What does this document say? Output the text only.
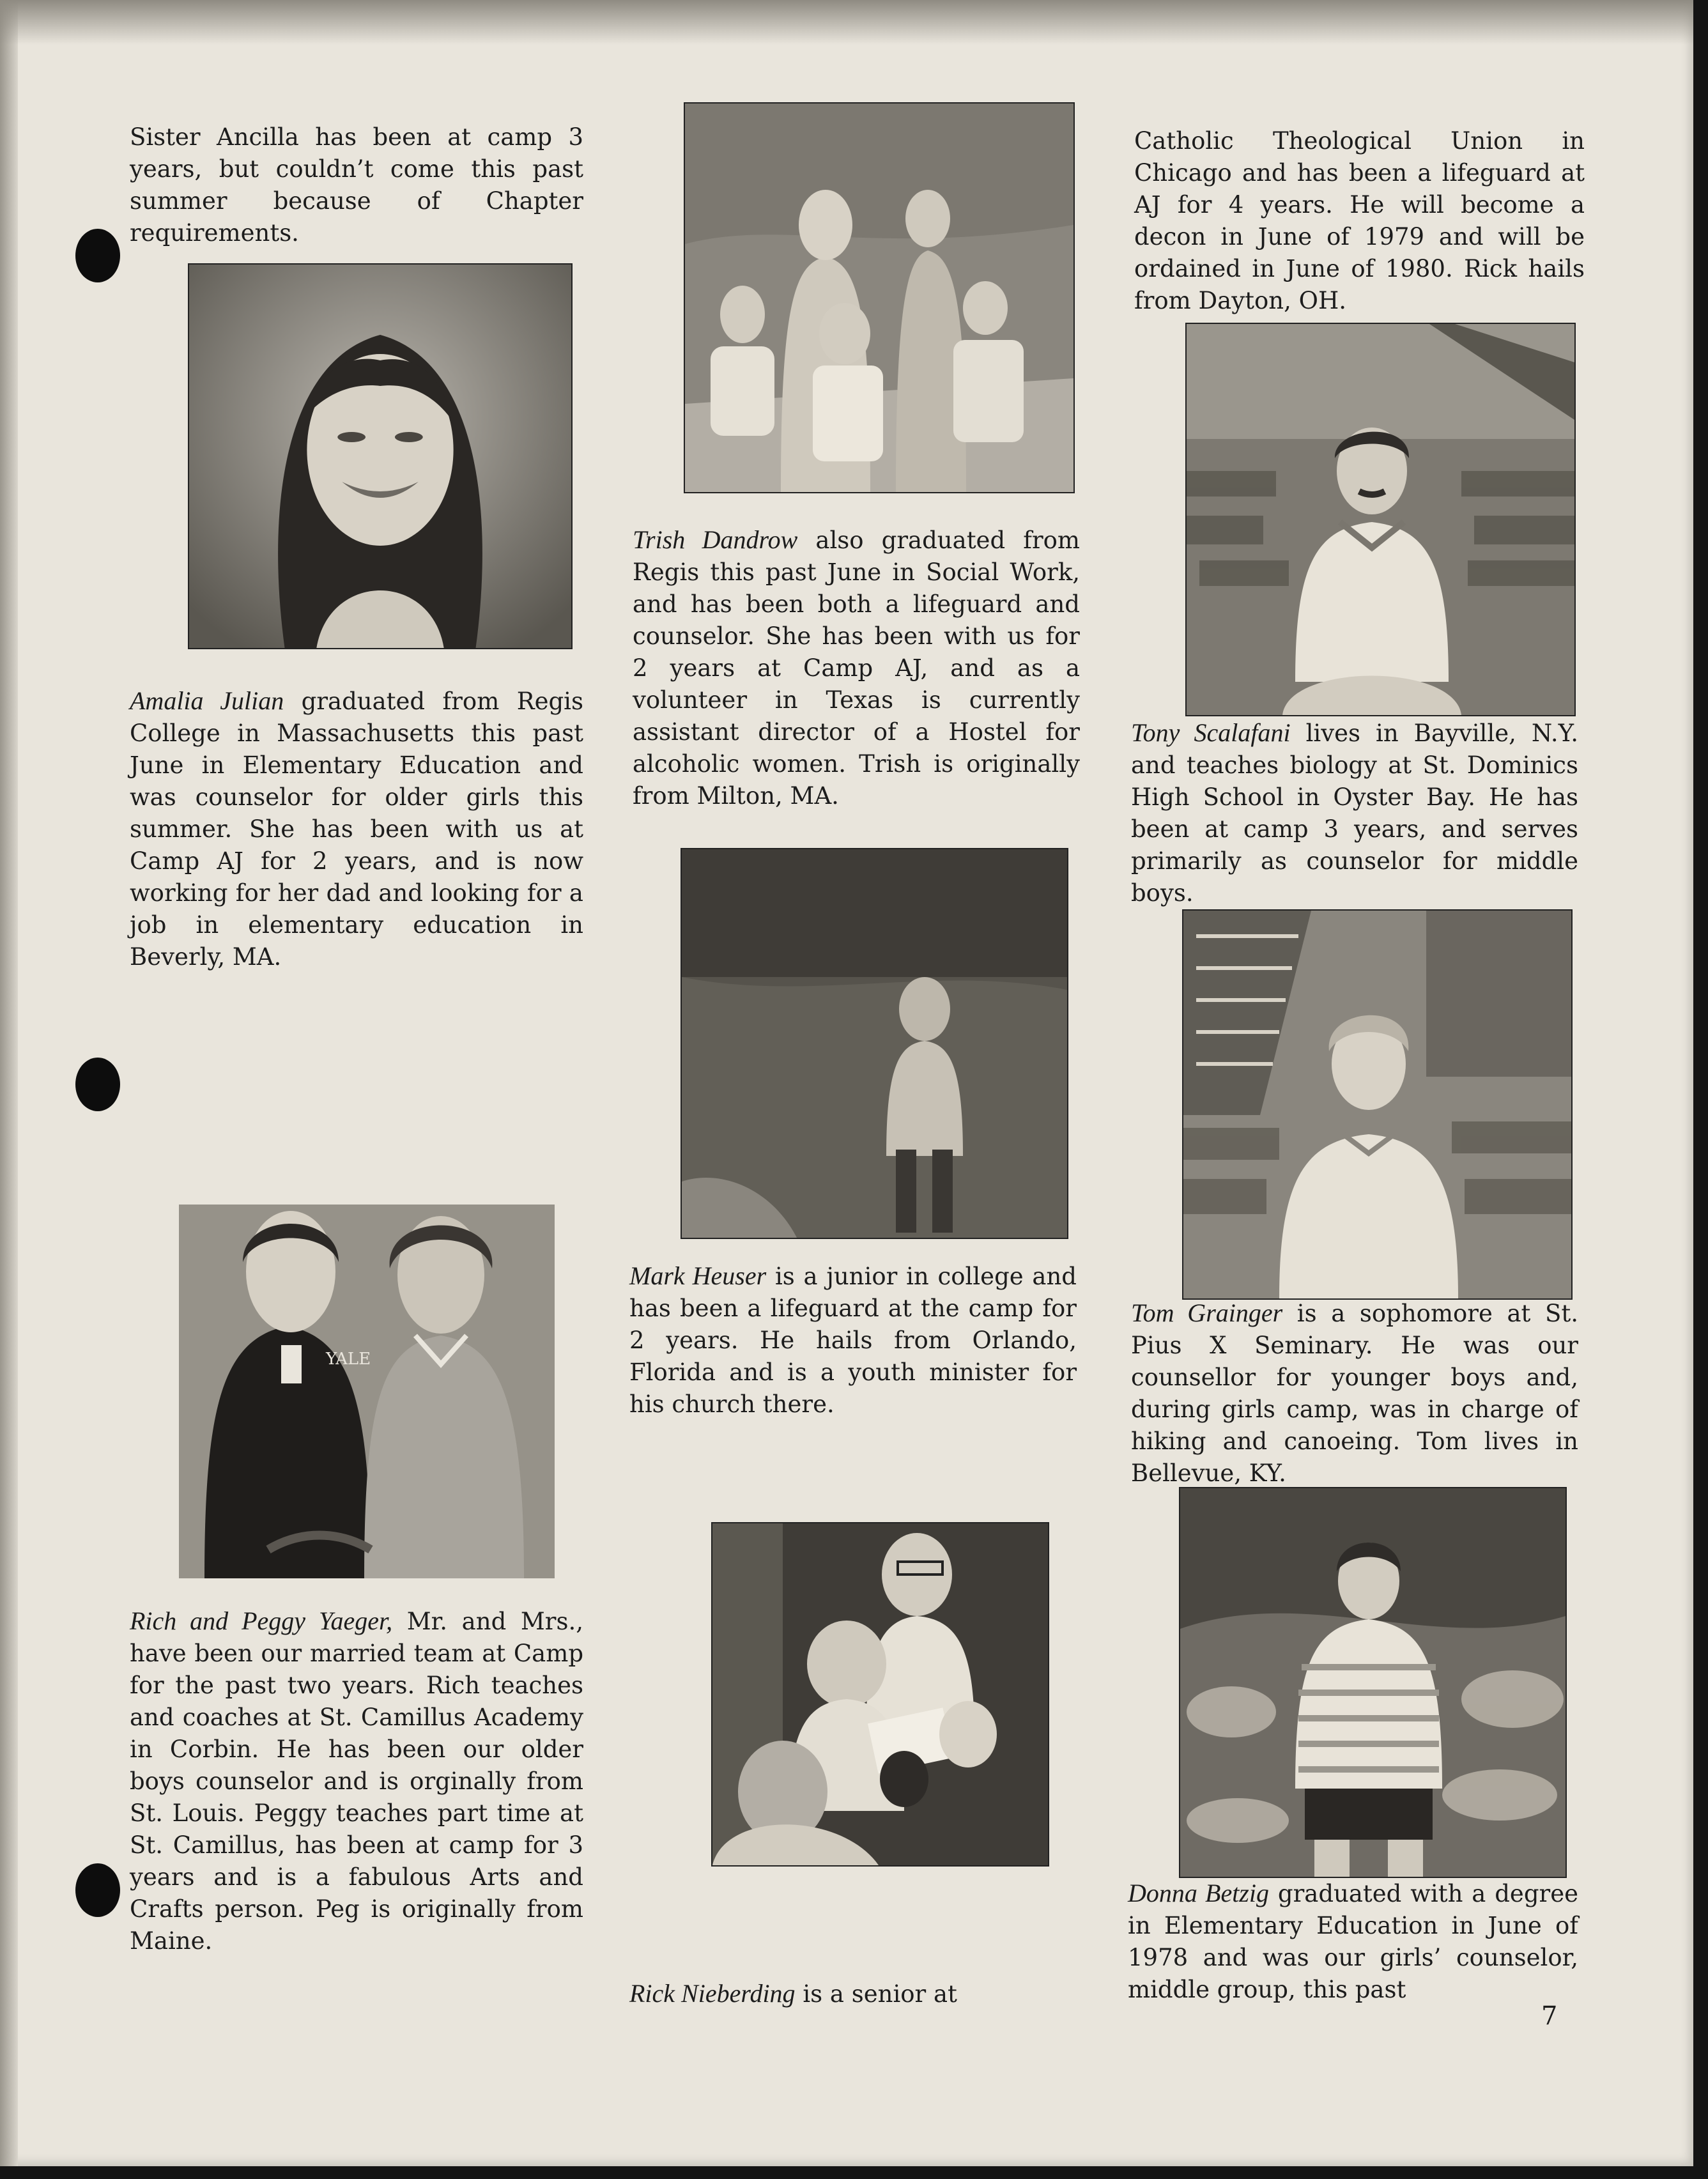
Sister Ancilla has been at camp 3 years, but couldn’t come this past summer because of Chapter requirements.

Amalia Julian graduated from Regis College in Massachusetts this past June in Elementary Education and was counselor for older girls this summer. She has been with us at Camp AJ for 2 years, and is now working for her dad and looking for a job in elementary education in Beverly, MA.

YALE

Rich and Peggy Yaeger, Mr. and Mrs., have been our married team at Camp for the past two years. Rich teaches and coaches at St. Camillus Academy in Corbin. He has been our older boys counselor and is orginally from St. Louis. Peggy teaches part time at St. Camillus, has been at camp for 3 years and is a fabulous Arts and Crafts person. Peg is originally from Maine.

Trish Dandrow also graduated from Regis this past June in Social Work, and has been both a lifeguard and counselor. She has been with us for 2 years at Camp AJ, and as a volunteer in Texas is currently assistant director of a Hostel for alcoholic women. Trish is originally from Milton, MA.

Mark Heuser is a junior in college and has been a lifeguard at the camp for 2 years. He hails from Orlando, Florida and is a youth minister for his church there.

Rick Nieberding is a senior at

Catholic Theological Union in Chicago and has been a lifeguard at AJ for 4 years. He will become a decon in June of 1979 and will be ordained in June of 1980. Rick hails from Dayton, OH.

Tony Scalafani lives in Bayville, N.Y. and teaches biology at St. Dominics High School in Oyster Bay. He has been at camp 3 years, and serves primarily as counselor for middle boys.

Tom Grainger is a sophomore at St. Pius X Seminary. He was our counsellor for younger boys and, during girls camp, was in charge of hiking and canoeing. Tom lives in Bellevue, KY.

Donna Betzig graduated with a degree in Elementary Education in June of 1978 and was our girls’ counselor, middle group, this past

7
